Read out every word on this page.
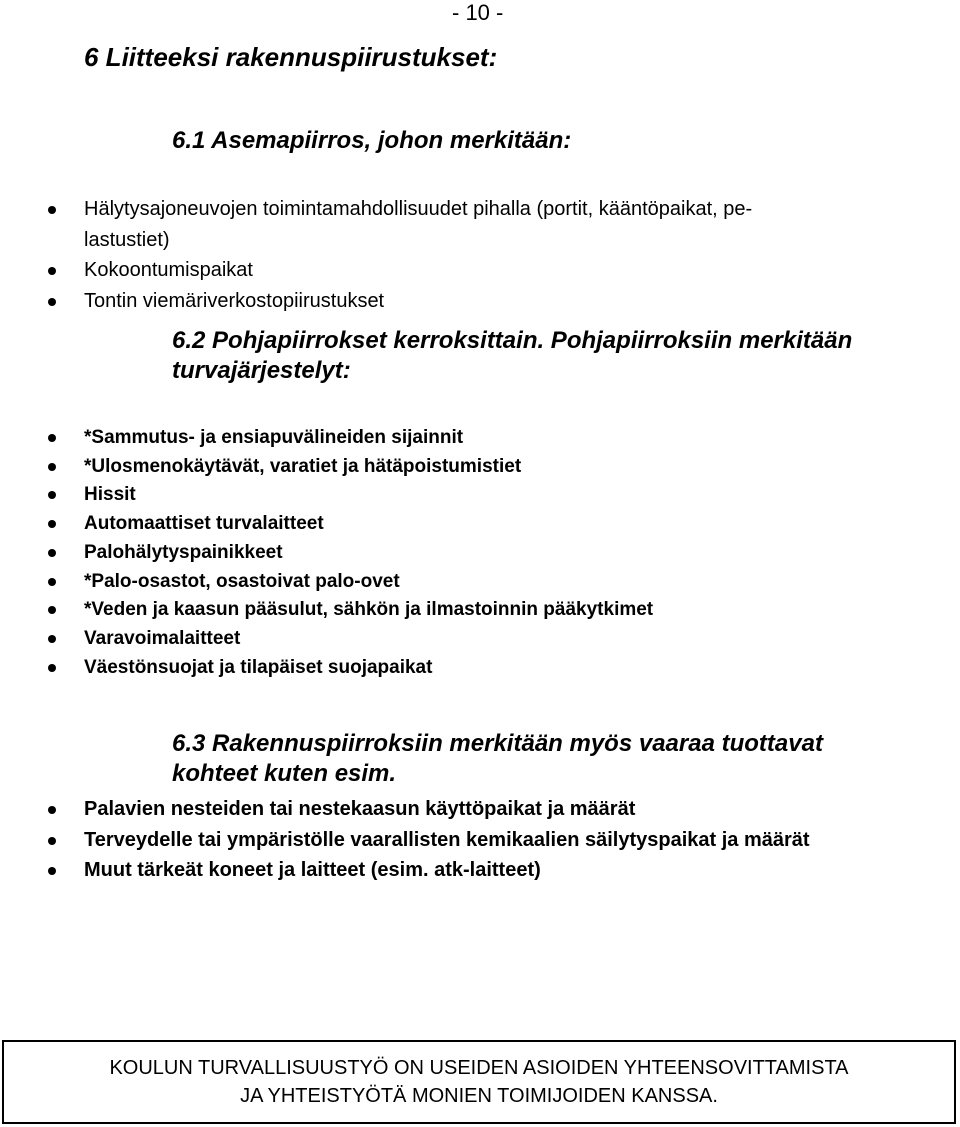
- 10 -
6 Liitteeksi rakennuspiirustukset:
6.1 Asemapiirros, johon merkitään:
Hälytysajoneuvojen toimintamahdollisuudet pihalla (portit, kääntöpaikat, pe-
lastustiet)
Kokoontumispaikat
Tontin viemäriverkostopiirustukset
6.2 Pohjapiirrokset kerroksittain. Pohjapiirroksiin merkitään
turvajärjestelyt:
*Sammutus- ja ensiapuvälineiden sijainnit
*Ulosmenokäytävät, varatiet ja hätäpoistumistiet
Hissit
Automaattiset turvalaitteet
Palohälytyspainikkeet
*Palo-osastot, osastoivat palo-ovet
*Veden ja kaasun pääsulut, sähkön ja ilmastoinnin pääkytkimet
Varavoimalaitteet
Väestönsuojat ja tilapäiset suojapaikat
6.3 Rakennuspiirroksiin merkitään myös vaaraa tuottavat
kohteet kuten esim.
Palavien nesteiden tai nestekaasun käyttöpaikat ja määrät
Terveydelle tai ympäristölle vaarallisten kemikaalien säilytyspaikat ja määrät
Muut tärkeät koneet ja laitteet (esim. atk-laitteet)
KOULUN TURVALLISUUSTYÖ ON USEIDEN ASIOIDEN YHTEENSOVITTAMISTA
JA YHTEISTYÖTÄ MONIEN TOIMIJOIDEN KANSSA.
